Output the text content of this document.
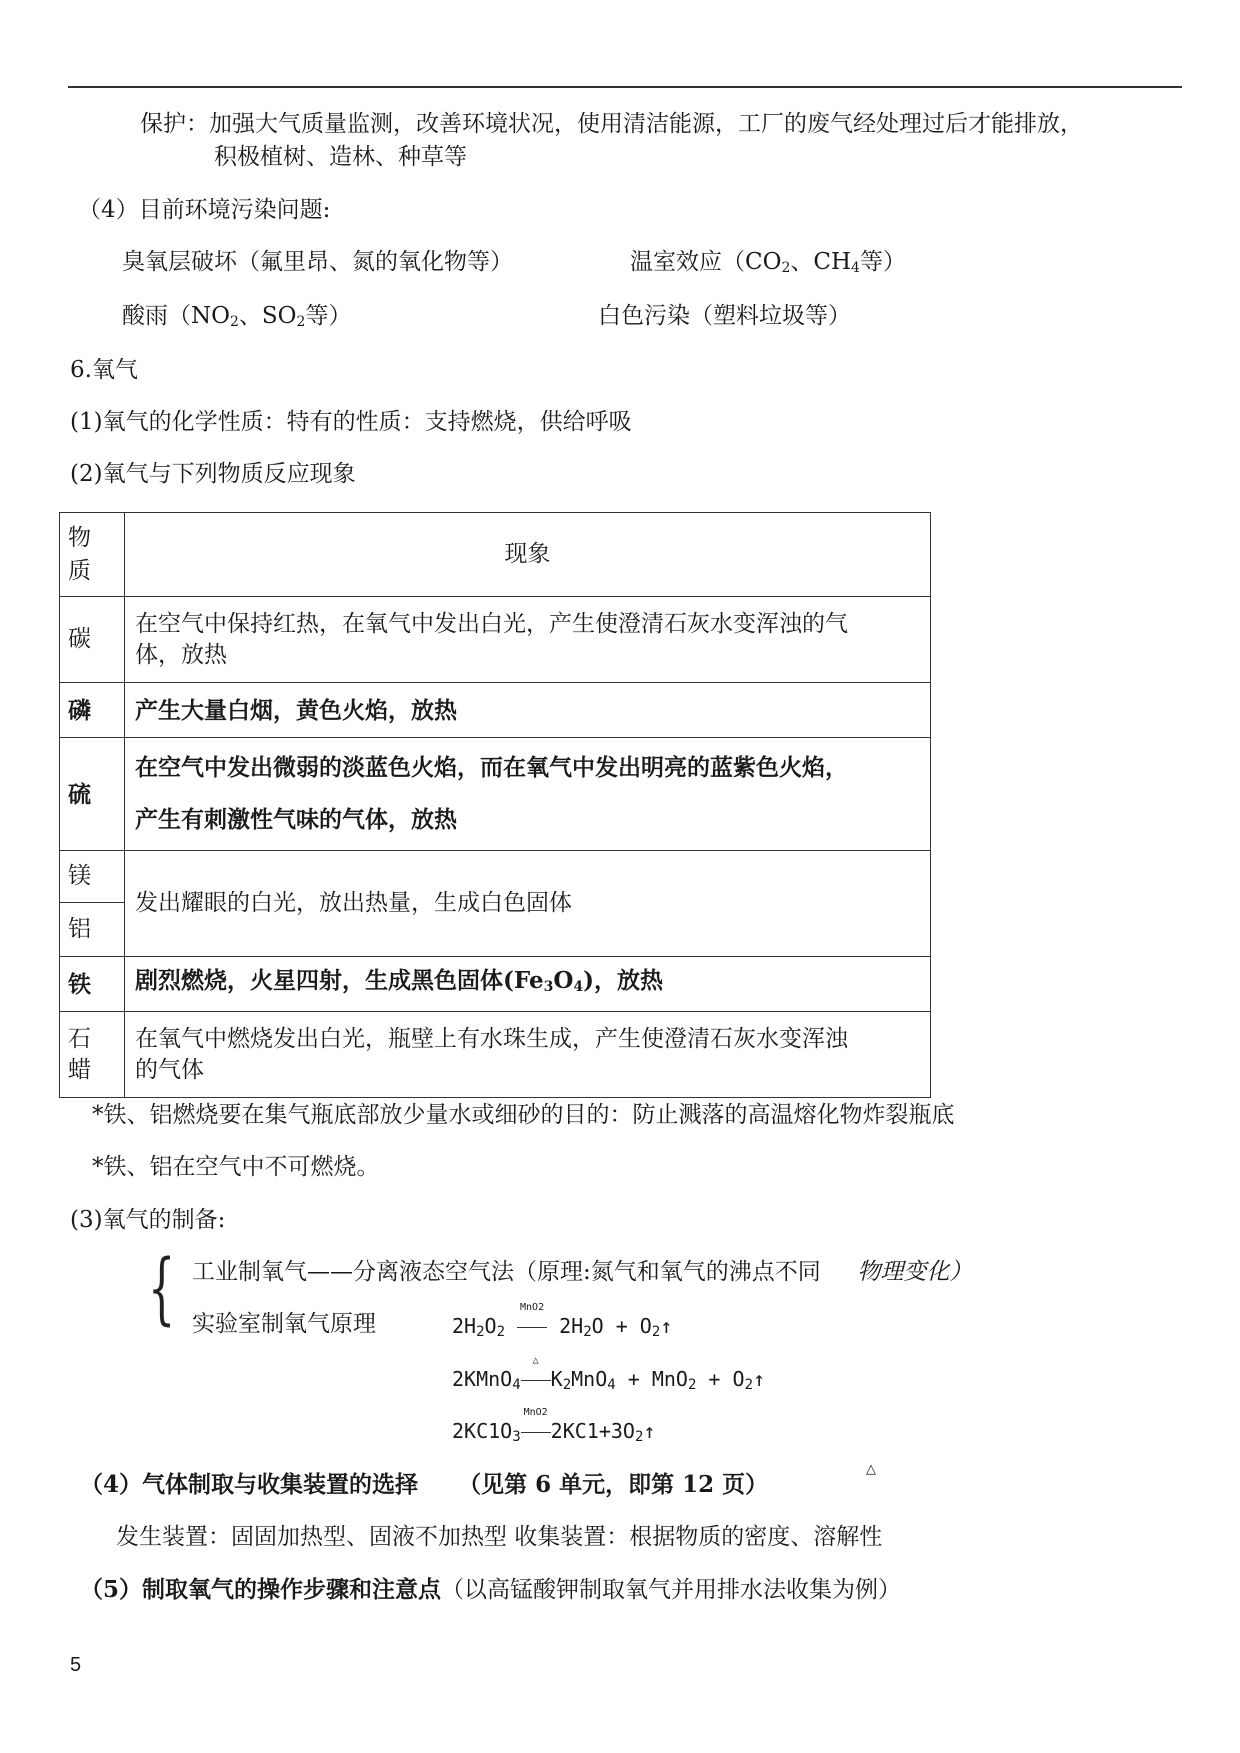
保护：加强大气质量监测，改善环境状况，使用清洁能源，工厂的废气经处理过后才能排放，
积极植树、造林、种草等
（4）目前环境污染问题:
臭氧层破坏（氟里昂、氮的氧化物等）	温室效应（$CO_2$、$CH_4$等）
酸雨（$NO_2$、$SO_2$等）	白色污染（塑料垃圾等）
6.氧气
(1)氧气的化学性质：特有的性质：支持燃烧，供给呼吸
(2)氧气与下列物质反应现象
物
质	现象
碳	在空气中保持红热，在氧气中发出白光，产生使澄清石灰水变浑浊的气
体，放热
磷	产生大量白烟，黄色火焰，放热
硫	在空气中发出微弱的淡蓝色火焰，而在氧气中发出明亮的蓝紫色火焰，
产生有刺激性气味的气体，放热
镁	发出耀眼的白光，放出热量，生成白色固体
铝	
铁	剧烈燃烧，火星四射，生成黑色固体$(Fe_3O_4)$，放热
石
蜡	在氧气中燃烧发出白光，瓶壁上有水珠生成，产生使澄清石灰水变浑浊
的气体
*铁、铝燃烧要在集气瓶底部放少量水或细砂的目的：防止溅落的高温熔化物炸裂瓶底
*铁、铝在空气中不可燃烧。
(3)氧气的制备:
{ 工业制氧气——分离液态空气法（原理:氮气和氧气的沸点不同 物理变化）
实验室制氧气原理	$2H_2O_2$
MnO2
$2H_2O$ + $O_2↑$
2KMnO$_4$
△
$K_2MnO_4 + MnO_2$ + $O_2↑$
$2KC1O_3$
MnO2
$2KC1+3O_2↑$
（4）气体制取与收集装置的选择 （见第 6 单元，即第 12 页）
△
发生装置：固固加热型、固液不加热型 收集装置：根据物质的密度、溶解性
（5）制取氧气的操作步骤和注意点（以高锰酸钾制取氧气并用排水法收集为例）
5
